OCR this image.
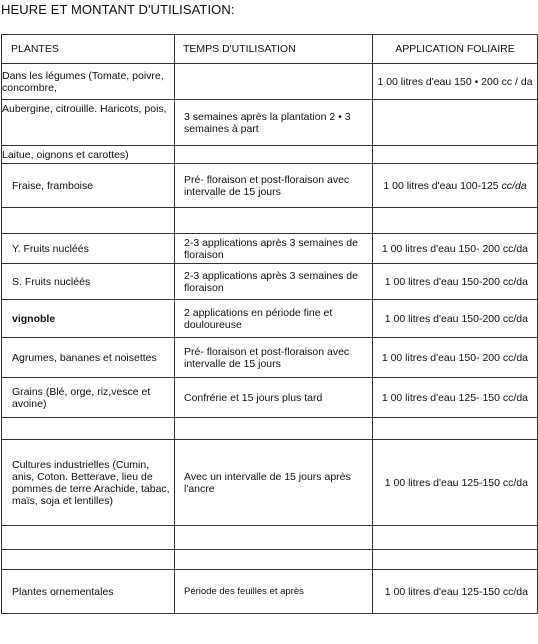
HEURE ET MONTANT D'UTILISATION:
PLANTES	TEMPS D'UTILISATION	APPLICATION FOLIAIRE
Dans les légumes (Tomate, poivre, concombre,		1 00 litres d'eau 150 • 200 cc / da
Aubergine, citrouille. Haricots, pois,	3 semaines après la plantation 2 • 3 semaines à part	
Laitue, oignons et carottes)		
Fraise, framboise	Pré- floraison et post-floraison avec intervalle de 15 jours	1 00 litres d'eau 100-125 cc/da

Y. Fruits nucléés	2-3 applications après 3 semaines de floraison	1 00 litres d'eau 150- 200 cc/da
S. Fruits nucléés	2-3 applications après 3 semaines de floraison	1 00 litres d'eau 150-200 cc/da
vignoble	2 applications en période fine et douloureuse	1 00 litres d'eau 150-200 cc/da
Agrumes, bananes et noisettes	Pré- floraison et post-floraison avec intervalle de 15 jours	1 00 litres d'eau 150- 200 cc/da
Grains (Blé, orge, riz,vesce et avoine)	Confrérie et 15 jours plus tard	1 00 litres d'eau 125- 150 cc/da

Cultures industrielles (Cumin, anis, Coton. Betterave, lieu de pommes de terre Arachide, tabac, maïs, soja et lentilles)	Avec un intervalle de 15 jours après l'ancre	1 00 litres d'eau 125-150 cc/da

Plantes ornementales	Période des feuilles et après	1 00 litres d'eau 125-150 cc/da
